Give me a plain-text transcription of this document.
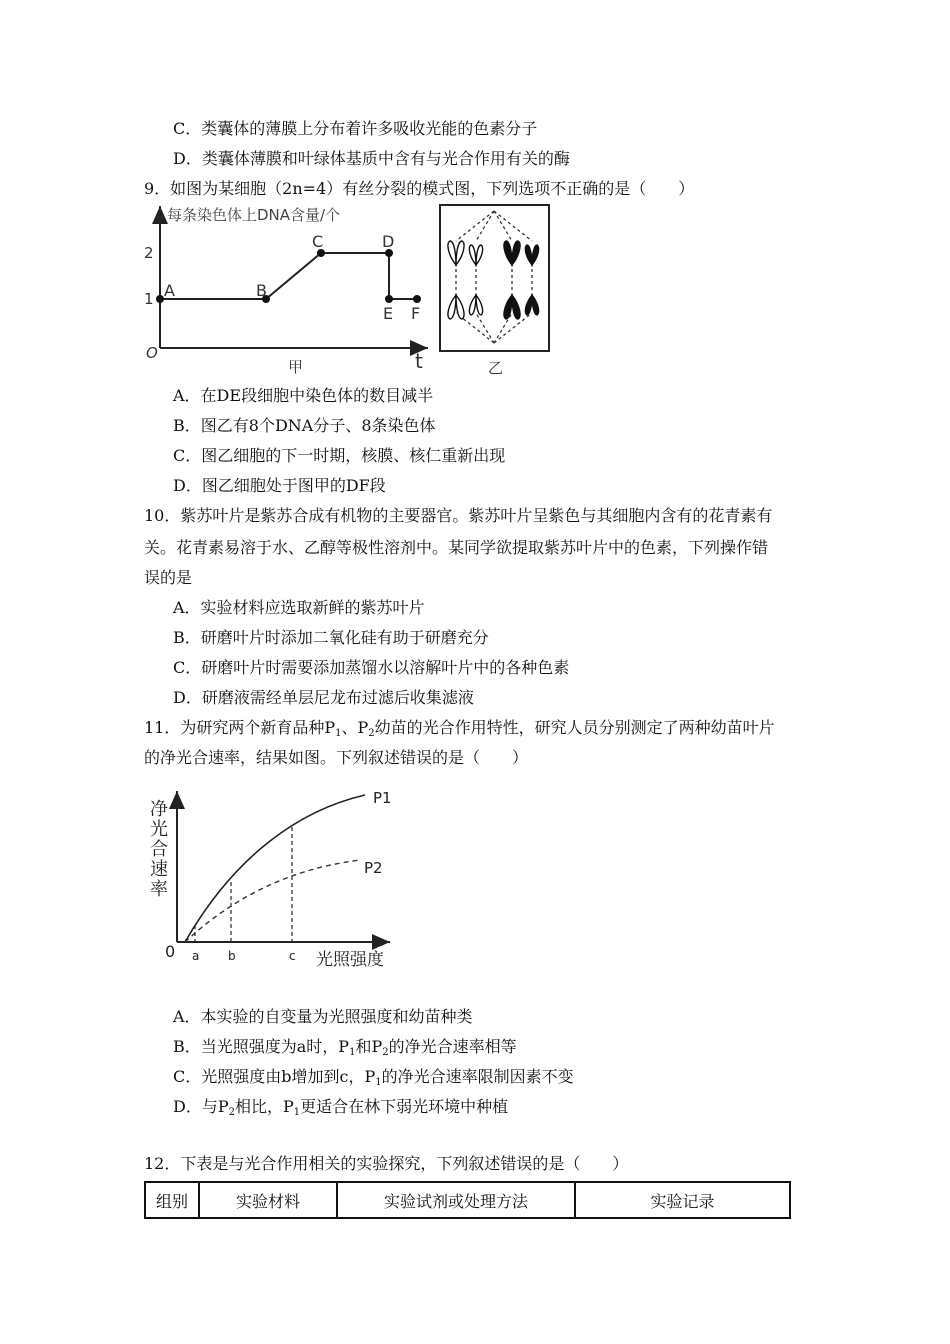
C．类囊体的薄膜上分布着许多吸收光能的色素分子
D．类囊体薄膜和叶绿体基质中含有与光合作用有关的酶
9．如图为某细胞（2n=4）有丝分裂的模式图，下列选项不正确的是（　　）
每条染色体上DNA含量/个
2
1
O	t
甲
A	B
C	D
E F
乙
A．在DE段细胞中染色体的数目减半
B．图乙有8个DNA分子、8条染色体
C．图乙细胞的下一时期，核膜、核仁重新出现
D．图乙细胞处于图甲的DF段
10．紫苏叶片是紫苏合成有机物的主要器官。紫苏叶片呈紫色与其细胞内含有的花青素有
关。花青素易溶于水、乙醇等极性溶剂中。某同学欲提取紫苏叶片中的色素，下列操作错
误的是
A．实验材料应选取新鲜的紫苏叶片
B．研磨叶片时添加二氧化硅有助于研磨充分
C．研磨叶片时需要添加蒸馏水以溶解叶片中的各种色素
D．研磨液需经单层尼龙布过滤后收集滤液
11．为研究两个新育品种$P_1$、$P_2$幼苗的光合作用特性，研究人员分别测定了两种幼苗叶片
的净光合速率，结果如图。下列叙述错误的是（　　）
净
光
合
速
率
0	光照强度
a b	c
P1
P2
A．本实验的自变量为光照强度和幼苗种类
B．当光照强度为a时，$P_1$和$P_2$的净光合速率相等
C．光照强度由b增加到c，$P_1$的净光合速率限制因素不变
D．与$P_2$相比，$P_1$更适合在林下弱光环境中种植
12．下表是与光合作用相关的实验探究，下列叙述错误的是（　　）
组别	实验材料	实验试剂或处理方法	实验记录
